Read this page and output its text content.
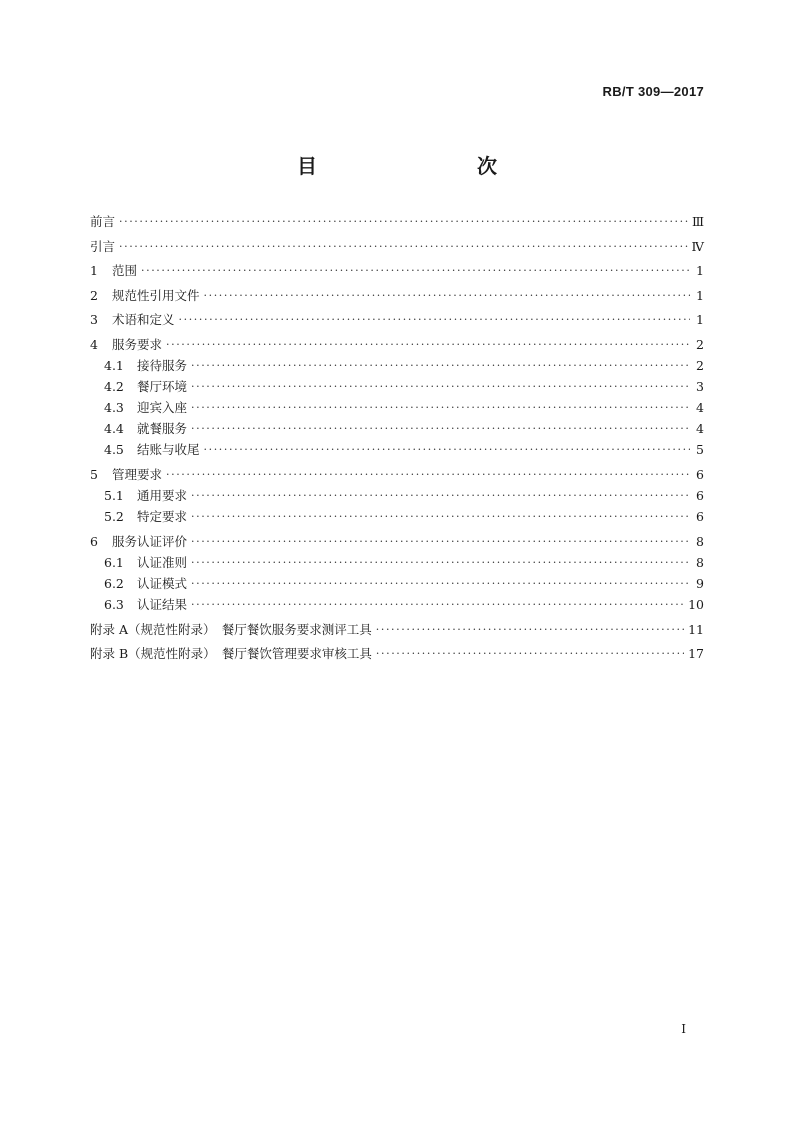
RB/T 309—2017
目　　次
前言 ·····	Ⅲ
引言 ·····	Ⅳ
1	范围 ·····	1
2	规范性引用文件 ·····	1
3	术语和定义 ·····	1
4	服务要求 ·····	2
4.1	接待服务 ·····	2
4.2	餐厅环境 ·····	3
4.3	迎宾入座 ·····	4
4.4	就餐服务 ·····	4
4.5	结账与收尾 ·····	5
5	管理要求 ·····	6
5.1	通用要求 ·····	6
5.2	特定要求 ·····	6
6	服务认证评价 ·····	8
6.1	认证准则 ·····	8
6.2	认证模式 ·····	9
6.3	认证结果 ·····	10
附录 A（规范性附录）　餐厅餐饮服务要求测评工具 ·····	11
附录 B（规范性附录）　餐厅餐饮管理要求审核工具 ·····	17
I
